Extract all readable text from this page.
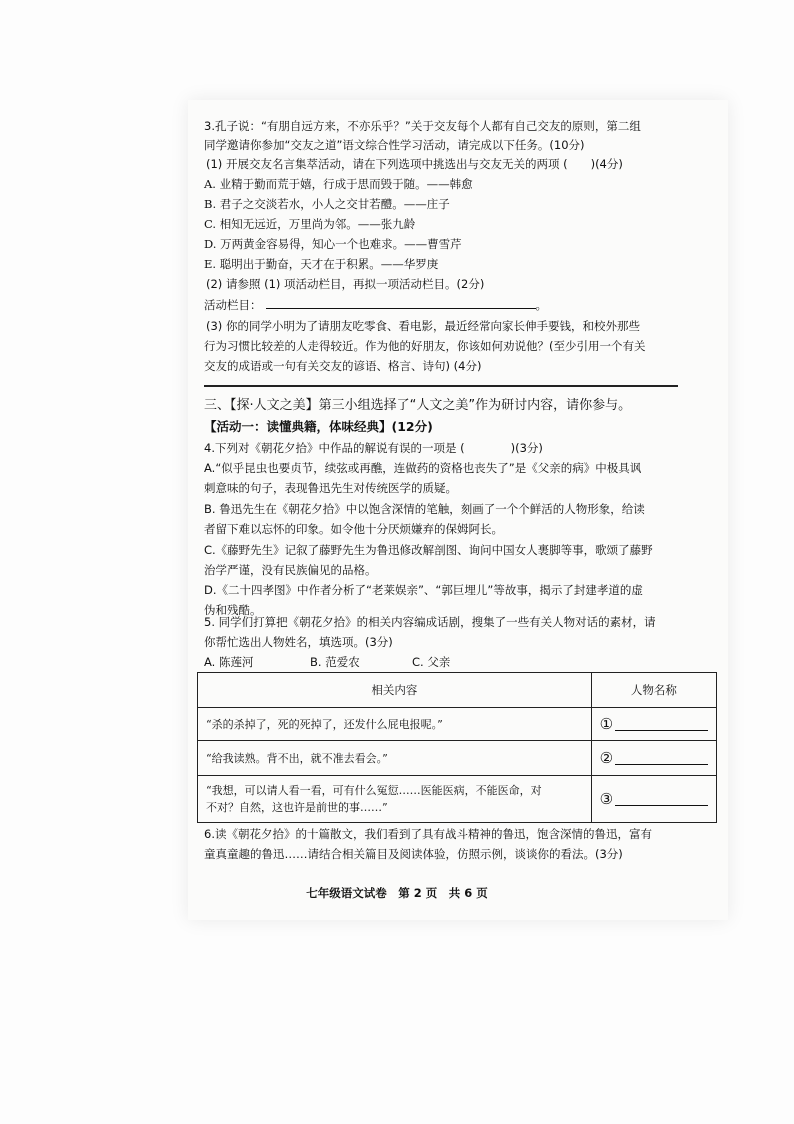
3.孔子说：“有朋自远方来，不亦乐乎？”关于交友每个人都有自己交友的原则，第二组
同学邀请你参加“交友之道”语文综合性学习活动，请完成以下任务。(10分)
(1) 开展交友名言集萃活动，请在下列选项中挑选出与交友无关的两项 (　　)(4分)
A. 业精于勤而荒于嬉，行成于思而毁于随。——韩愈
B. 君子之交淡若水，小人之交甘若醴。——庄子
C. 相知无远近，万里尚为邻。——张九龄
D. 万两黄金容易得，知心一个也难求。——曹雪芹
E. 聪明出于勤奋，天才在于积累。——华罗庚
(2) 请参照 (1) 项活动栏目，再拟一项活动栏目。(2分)
活动栏目：	。
(3) 你的同学小明为了请朋友吃零食、看电影，最近经常向家长伸手要钱，和校外那些
行为习惯比较差的人走得较近。作为他的好朋友，你该如何劝说他？(至少引用一个有关
交友的成语或一句有关交友的谚语、格言、诗句) (4分)
三、【探·人文之美】第三小组选择了“人文之美”作为研讨内容，请你参与。
【活动一：读懂典籍，体味经典】(12分)
4.下列对《朝花夕拾》中作品的解说有误的一项是 (　　　　)(3分)
A.“似乎昆虫也要贞节，续弦或再醮，连做药的资格也丧失了”是《父亲的病》中极具讽
刺意味的句子，表现鲁迅先生对传统医学的质疑。
B. 鲁迅先生在《朝花夕拾》中以饱含深情的笔触，刻画了一个个鲜活的人物形象，给读
者留下难以忘怀的印象。如令他十分厌烦嫌弃的保姆阿长。
C.《藤野先生》记叙了藤野先生为鲁迅修改解剖图、询问中国女人裹脚等事，歌颂了藤野
治学严谨，没有民族偏见的品格。
D.《二十四孝图》中作者分析了“老莱娱亲”、“郭巨埋儿”等故事，揭示了封建孝道的虚
伪和残酷。
5. 同学们打算把《朝花夕拾》的相关内容编成话剧，搜集了一些有关人物对话的素材，请
你帮忙选出人物姓名，填选项。(3分)
A. 陈莲河	B. 范爱农	C. 父亲
相关内容	人物名称
“杀的杀掉了，死的死掉了，还发什么屁电报呢。”	①

“给我读熟。背不出，就不准去看会。”	②

“我想，可以请人看一看，可有什么冤愆……医能医病，不能医命，对
不对？自然，这也许是前世的事……”	③
6.读《朝花夕拾》的十篇散文，我们看到了具有战斗精神的鲁迅，饱含深情的鲁迅，富有
童真童趣的鲁迅……请结合相关篇目及阅读体验，仿照示例，谈谈你的看法。(3分)
七年级语文试卷　第 2 页　共 6 页
